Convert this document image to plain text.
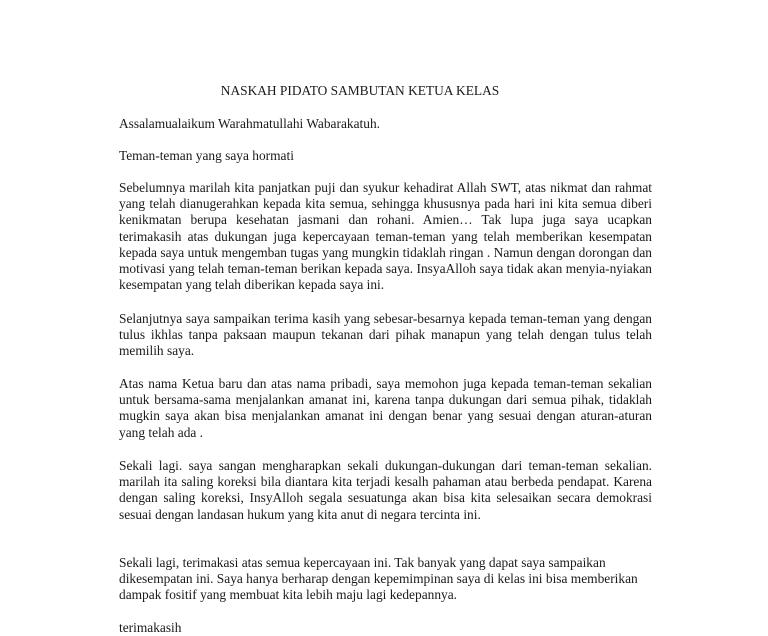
NASKAH PIDATO SAMBUTAN KETUA KELAS

Assalamualaikum Warahmatullahi Wabarakatuh.

Teman-teman yang saya hormati

Sebelumnya marilah kita panjatkan puji dan syukur kehadirat Allah SWT, atas nikmat dan rahmat yang telah dianugerahkan kepada kita semua, sehingga khususnya pada hari ini kita semua diberi kenikmatan berupa kesehatan jasmani dan rohani. Amien… Tak lupa juga saya ucapkan terimakasih atas dukungan juga kepercayaan teman-teman yang telah memberikan kesempatan kepada saya untuk mengemban tugas yang mungkin tidaklah ringan . Namun dengan dorongan dan motivasi yang telah teman-teman berikan kepada saya. InsyaAlloh saya tidak akan menyia-nyiakan kesempatan yang telah diberikan kepada saya ini.

Selanjutnya saya sampaikan terima kasih yang sebesar-besarnya kepada teman-teman yang dengan tulus ikhlas tanpa paksaan maupun tekanan dari pihak manapun yang telah dengan tulus telah memilih saya.

Atas nama Ketua baru dan atas nama pribadi, saya memohon juga kepada teman-teman sekalian untuk bersama-sama menjalankan amanat ini, karena tanpa dukungan dari semua pihak, tidaklah mugkin saya akan bisa menjalankan amanat ini dengan benar yang sesuai dengan aturan-aturan yang telah ada .

Sekali lagi. saya sangan mengharapkan sekali dukungan-dukungan dari teman-teman sekalian. marilah ita saling koreksi bila diantara kita terjadi kesalh pahaman atau berbeda pendapat. Karena dengan saling koreksi, InsyAlloh segala sesuatunga akan bisa kita selesaikan secara demokrasi sesuai dengan landasan hukum yang kita anut di negara tercinta ini.

Sekali lagi, terimakasi atas semua kepercayaan ini. Tak banyak yang dapat saya sampaikan dikesempatan ini. Saya hanya berharap dengan kepemimpinan saya di kelas ini bisa memberikan dampak fositif yang membuat kita lebih maju lagi kedepannya.

terimakasih
